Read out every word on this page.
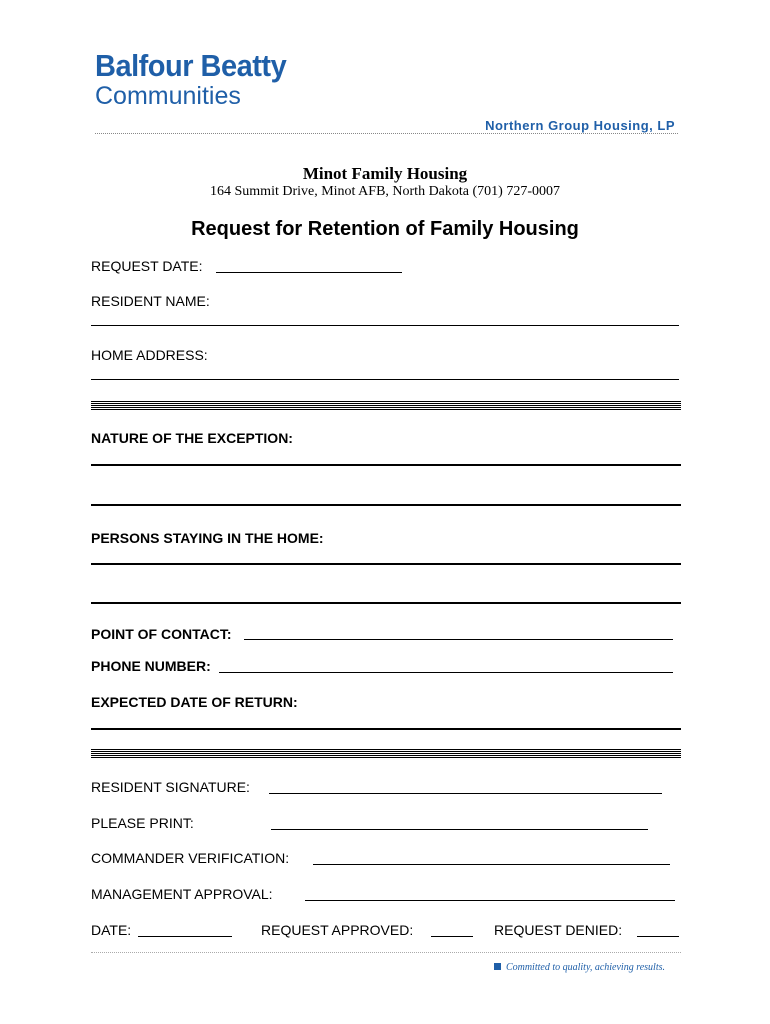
Balfour Beatty
Communities
Northern Group Housing, LP
Minot Family Housing
164 Summit Drive, Minot AFB, North Dakota (701) 727-0007
Request for Retention of Family Housing
REQUEST DATE:
RESIDENT NAME:
HOME ADDRESS:
NATURE OF THE EXCEPTION:
PERSONS STAYING IN THE HOME:
POINT OF CONTACT:
PHONE NUMBER:
EXPECTED DATE OF RETURN:
RESIDENT SIGNATURE:
PLEASE PRINT:
COMMANDER VERIFICATION:
MANAGEMENT APPROVAL:
DATE:	REQUEST APPROVED:	REQUEST DENIED:
Committed to quality, achieving results.
